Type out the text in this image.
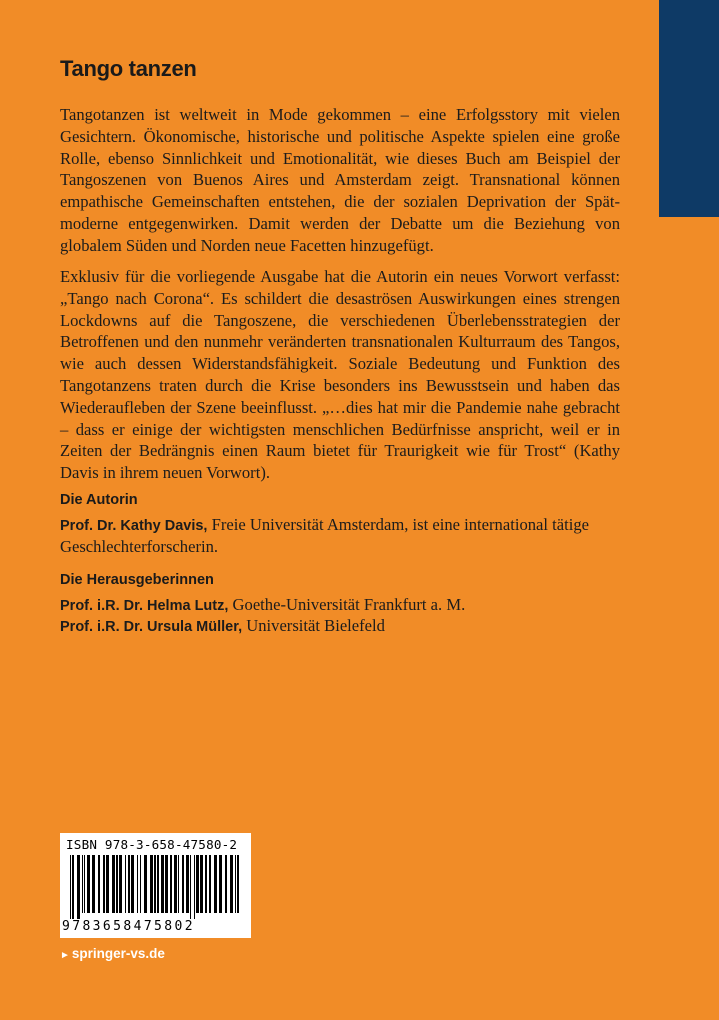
Tango tanzen

Tangotanzen ist weltweit in Mode gekommen – eine Erfolgsstory mit vielen Gesichtern. Ökonomische, historische und politische Aspekte spielen eine große Rolle, ebenso Sinnlichkeit und Emotionalität, wie dieses Buch am Beispiel der Tangoszenen von Buenos Aires und Amsterdam zeigt. Transnational können empathische Gemeinschaften entstehen, die der sozialen Deprivation der Spätmoderne entgegenwirken. Damit werden der Debatte um die Beziehung von globalem Süden und Norden neue Facetten hinzugefügt.

Exklusiv für die vorliegende Ausgabe hat die Autorin ein neues Vorwort verfasst: „Tango nach Corona“. Es schildert die desaströsen Auswirkungen eines strengen Lockdowns auf die Tangoszene, die verschiedenen Überlebensstrategien der Betroffenen und den nunmehr veränderten transnationalen Kulturraum des Tangos, wie auch dessen Widerstandsfähigkeit. Soziale Bedeutung und Funktion des Tangotanzens traten durch die Krise besonders ins Bewusstsein und haben das Wiederaufleben der Szene beeinflusst. „…dies hat mir die Pandemie nahe gebracht – dass er einige der wichtigsten menschlichen Bedürfnisse anspricht, weil er in Zeiten der Bedrängnis einen Raum bietet für Traurigkeit wie für Trost“ (Kathy Davis in ihrem neuen Vorwort).

Die Autorin
Prof. Dr. Kathy Davis, Freie Universität Amsterdam, ist eine international tätige
Geschlechterforscherin.
Die Herausgeberinnen
Prof. i.R. Dr. Helma Lutz, Goethe-Universität Frankfurt a. M.
Prof. i.R. Dr. Ursula Müller, Universität Bielefeld
ISBN 978-3-658-47580-2
9783658475802
► springer-vs.de
